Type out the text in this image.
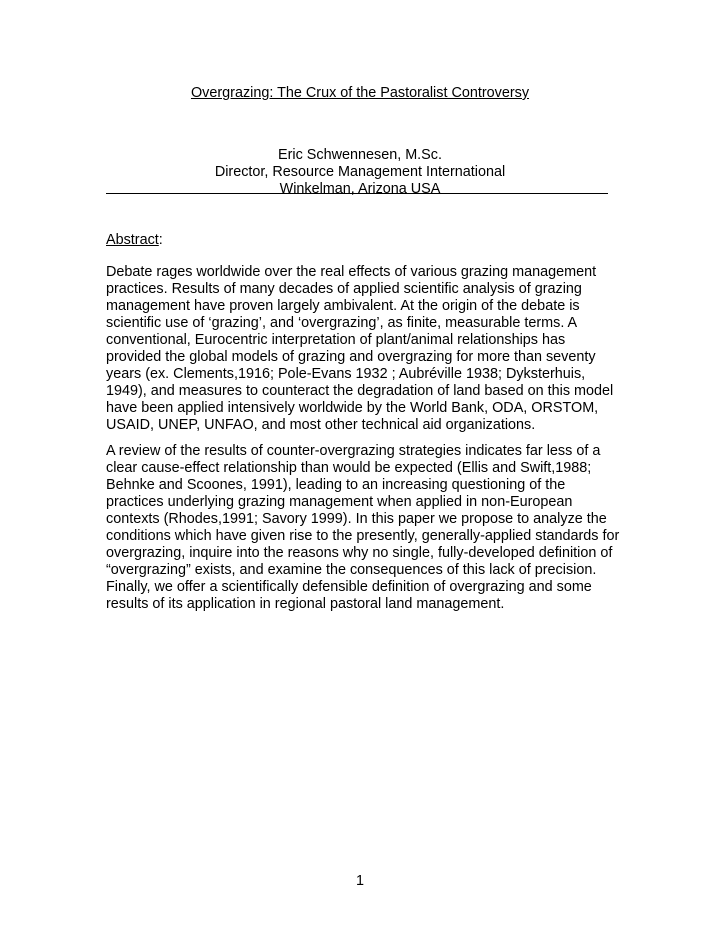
Overgrazing: The Crux of the Pastoralist Controversy
Eric Schwennesen, M.Sc.
Director, Resource Management International
Winkelman, Arizona USA
Abstract:
Debate rages worldwide over the real effects of various grazing management
practices. Results of many decades of applied scientific analysis of grazing
management have proven largely ambivalent. At the origin of the debate is
scientific use of ‘grazing’, and ‘overgrazing’, as finite, measurable terms. A
conventional, Eurocentric interpretation of plant/animal relationships has
provided the global models of grazing and overgrazing for more than seventy
years (ex. Clements,1916; Pole-Evans 1932 ; Aubréville 1938; Dyksterhuis,
1949), and measures to counteract the degradation of land based on this model
have been applied intensively worldwide by the World Bank, ODA, ORSTOM,
USAID, UNEP, UNFAO, and most other technical aid organizations.
A review of the results of counter-overgrazing strategies indicates far less of a
clear cause-effect relationship than would be expected (Ellis and Swift,1988;
Behnke and Scoones, 1991), leading to an increasing questioning of the
practices underlying grazing management when applied in non-European
contexts (Rhodes,1991; Savory 1999). In this paper we propose to analyze the
conditions which have given rise to the presently, generally-applied standards for
overgrazing, inquire into the reasons why no single, fully-developed definition of
“overgrazing” exists, and examine the consequences of this lack of precision.
Finally, we offer a scientifically defensible definition of overgrazing and some
results of its application in regional pastoral land management.
1
